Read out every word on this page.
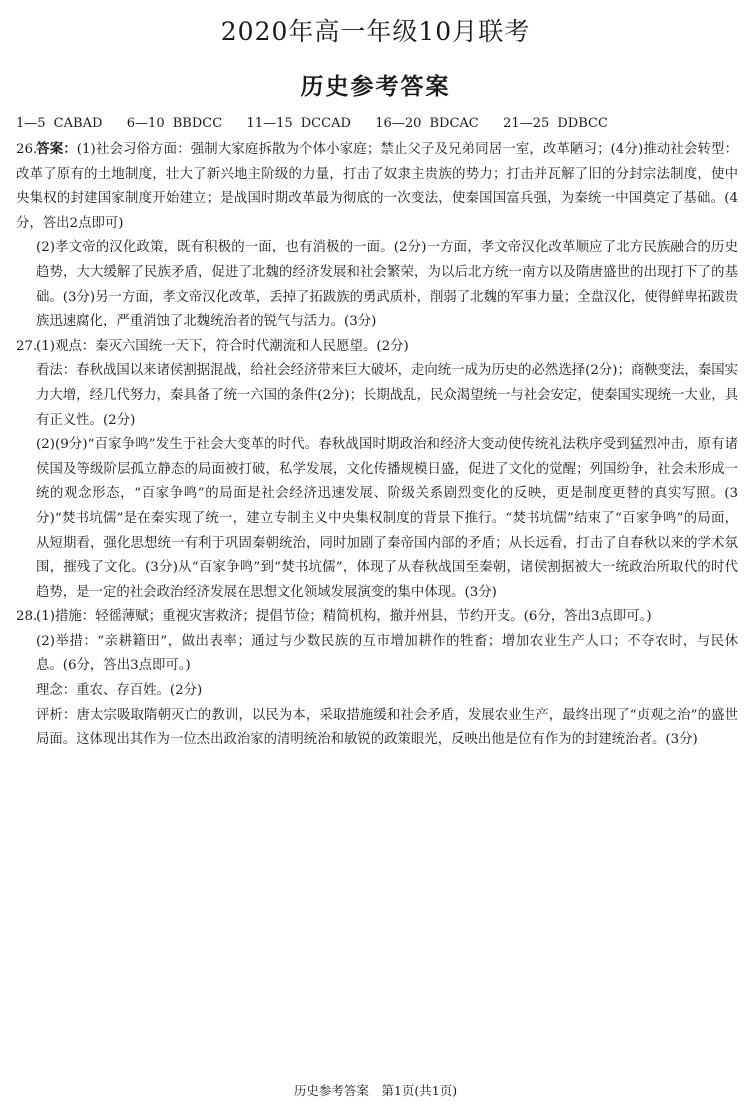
2020年高一年级10月联考
历史参考答案
1—5 CABAD   6—10 BBDCC   11—15 DCCAD   16—20 BDCAC   21—25 DDBCC
26.答案：(1)社会习俗方面：强制大家庭拆散为个体小家庭；禁止父子及兄弟同居一室，改革陋习；(4分)推动社会转型：改革了原有的土地制度，壮大了新兴地主阶级的力量，打击了奴隶主贵族的势力；打击并瓦解了旧的分封宗法制度，使中央集权的封建国家制度开始建立；是战国时期改革最为彻底的一次变法，使秦国国富兵强，为秦统一中国奠定了基础。(4分，答出2点即可)
(2)孝文帝的汉化政策，既有积极的一面，也有消极的一面。(2分)一方面，孝文帝汉化改革顺应了北方民族融合的历史趋势，大大缓解了民族矛盾，促进了北魏的经济发展和社会繁荣，为以后北方统一南方以及隋唐盛世的出现打下了的基础。(3分)另一方面，孝文帝汉化改革，丢掉了拓跋族的勇武质朴，削弱了北魏的军事力量；全盘汉化，使得鲜卑拓跋贵族迅速腐化，严重消蚀了北魏统治者的锐气与活力。(3分)
27.(1)观点：秦灭六国统一天下，符合时代潮流和人民愿望。(2分)
看法：春秋战国以来诸侯割据混战，给社会经济带来巨大破坏，走向统一成为历史的必然选择(2分)；商鞅变法，秦国实力大增，经几代努力，秦具备了统一六国的条件(2分)；长期战乱，民众渴望统一与社会安定，使秦国实现统一大业，具有正义性。(2分)
(2)(9分)“百家争鸣”发生于社会大变革的时代。春秋战国时期政治和经济大变动使传统礼法秩序受到猛烈冲击，原有诸侯国及等级阶层孤立静态的局面被打破，私学发展，文化传播规模日盛，促进了文化的觉醒；列国纷争，社会未形成一统的观念形态，“百家争鸣”的局面是社会经济迅速发展、阶级关系剧烈变化的反映，更是制度更替的真实写照。(3分)“焚书坑儒”是在秦实现了统一，建立专制主义中央集权制度的背景下推行。“焚书坑儒”结束了“百家争鸣”的局面，从短期看，强化思想统一有利于巩固秦朝统治，同时加剧了秦帝国内部的矛盾；从长远看，打击了自春秋以来的学术氛围，摧残了文化。(3分)从“百家争鸣”到“焚书坑儒”，体现了从春秋战国至秦朝，诸侯割据被大一统政治所取代的时代趋势，是一定的社会政治经济发展在思想文化领域发展演变的集中体现。(3分)
28.(1)措施：轻徭薄赋；重视灾害救济；提倡节俭；精简机构，撤并州县，节约开支。(6分，答出3点即可。)
(2)举措：“亲耕籍田”，做出表率；通过与少数民族的互市增加耕作的牲畜；增加农业生产人口；不夺农时，与民休息。(6分，答出3点即可。)
理念：重农、存百姓。(2分)
评析：唐太宗吸取隋朝灭亡的教训，以民为本，采取措施缓和社会矛盾，发展农业生产，最终出现了“贞观之治”的盛世局面。这体现出其作为一位杰出政治家的清明统治和敏锐的政策眼光，反映出他是位有作为的封建统治者。(3分)
历史参考答案　第1页(共1页)
